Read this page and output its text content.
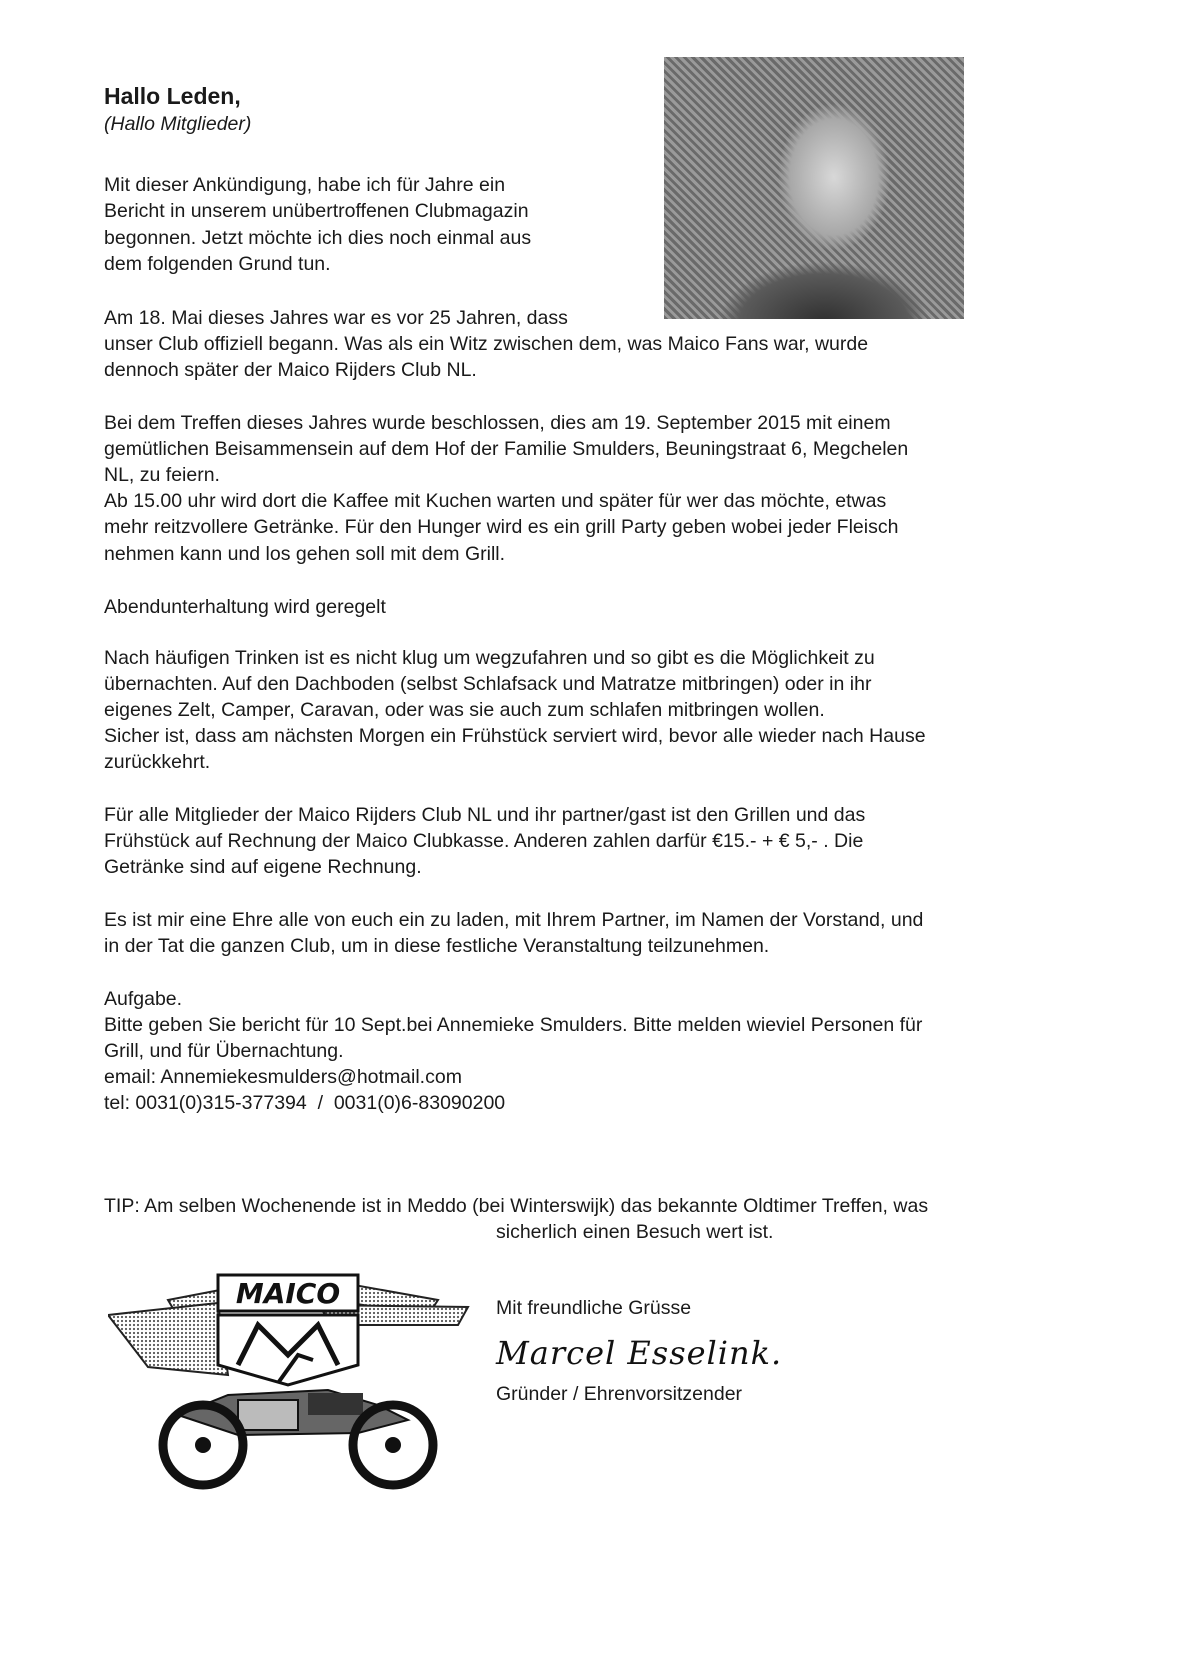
Hallo Leden,

(Hallo Mitglieder)

Mit dieser Ankündigung, habe ich für Jahre ein

Bericht in unserem unübertroffenen Clubmagazin

begonnen. Jetzt möchte ich dies noch einmal aus

dem folgenden Grund tun.

Am 18. Mai dieses Jahres war es vor 25 Jahren, dass

unser Club offiziell begann. Was als ein Witz zwischen dem, was Maico Fans war, wurde

dennoch später der Maico Rijders Club NL.

Bei dem Treffen dieses Jahres wurde beschlossen, dies am 19. September 2015 mit einem

gemütlichen Beisammensein auf dem Hof der Familie Smulders, Beuningstraat 6, Megchelen

NL, zu feiern.

Ab 15.00 uhr wird dort die Kaffee mit Kuchen warten und später für wer das möchte, etwas

mehr reitzvollere Getränke. Für den Hunger wird es ein grill Party geben wobei jeder Fleisch

nehmen kann und los gehen soll mit dem Grill.

Abendunterhaltung wird geregelt

Nach häufigen Trinken ist es nicht klug um wegzufahren und so gibt es die Möglichkeit zu

übernachten. Auf den Dachboden (selbst Schlafsack und Matratze mitbringen) oder in ihr

eigenes Zelt, Camper, Caravan, oder was sie auch zum schlafen mitbringen wollen.

Sicher ist, dass am nächsten Morgen ein Frühstück serviert wird, bevor alle wieder nach Hause

zurückkehrt.

Für alle Mitglieder der Maico Rijders Club NL und ihr partner/gast ist den Grillen und das

Frühstück auf Rechnung der Maico Clubkasse. Anderen zahlen darfür €15.- + € 5,- . Die

Getränke sind auf eigene Rechnung.

Es ist mir eine Ehre alle von euch ein zu laden, mit Ihrem Partner, im Namen der Vorstand, und

in der Tat die ganzen Club, um in diese festliche Veranstaltung teilzunehmen.

Aufgabe.

Bitte geben Sie bericht für 10 Sept.bei Annemieke Smulders. Bitte melden wieviel Personen für

Grill, und für Übernachtung.

email: Annemiekesmulders@hotmail.com

tel: 0031(0)315-377394  /  0031(0)6-83090200

TIP: Am selben Wochenende ist in Meddo (bei Winterswijk) das bekannte Oldtimer Treffen, was

sicherlich einen Besuch wert ist.

MAICO	Mit freundliche Grüsse

Marcel Esselink.

Gründer / Ehrenvorsitzender
